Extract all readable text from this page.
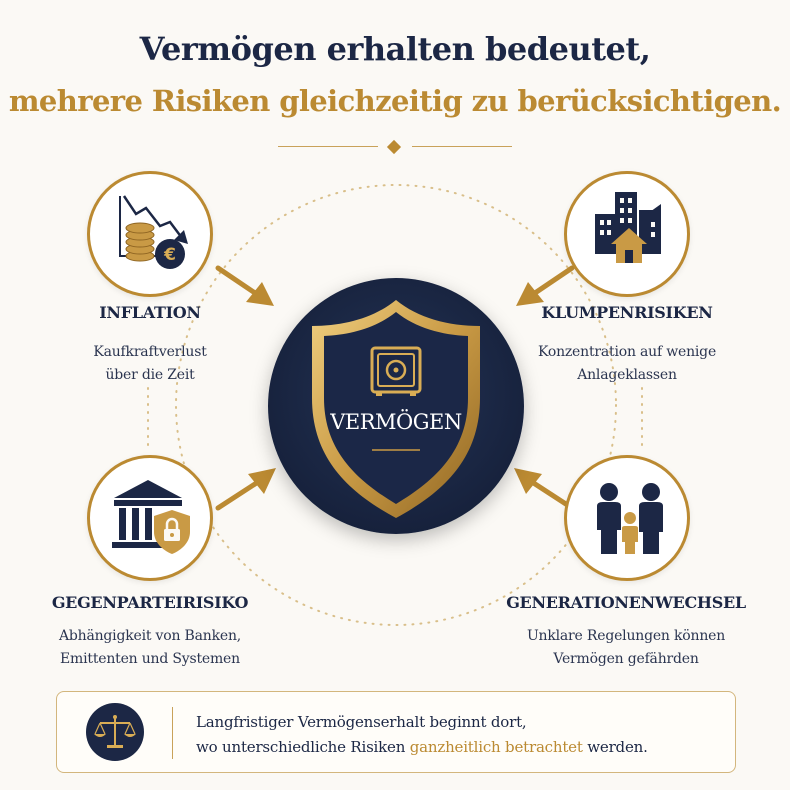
Vermögen erhalten bedeutet,
mehrere Risiken gleichzeitig zu berücksichtigen.
€
INFLATION
Kaufkraftverlust
über die Zeit
KLUMPENRISIKEN
Konzentration auf wenige
Anlageklassen
GEGENPARTEIRISIKO
Abhängigkeit von Banken,
Emittenten und Systemen
GENERATIONENWECHSEL
Unklare Regelungen können
Vermögen gefährden
VERMÖGEN
Langfristiger Vermögenserhalt beginnt dort,
wo unterschiedliche Risiken ganzheitlich betrachtet werden.
